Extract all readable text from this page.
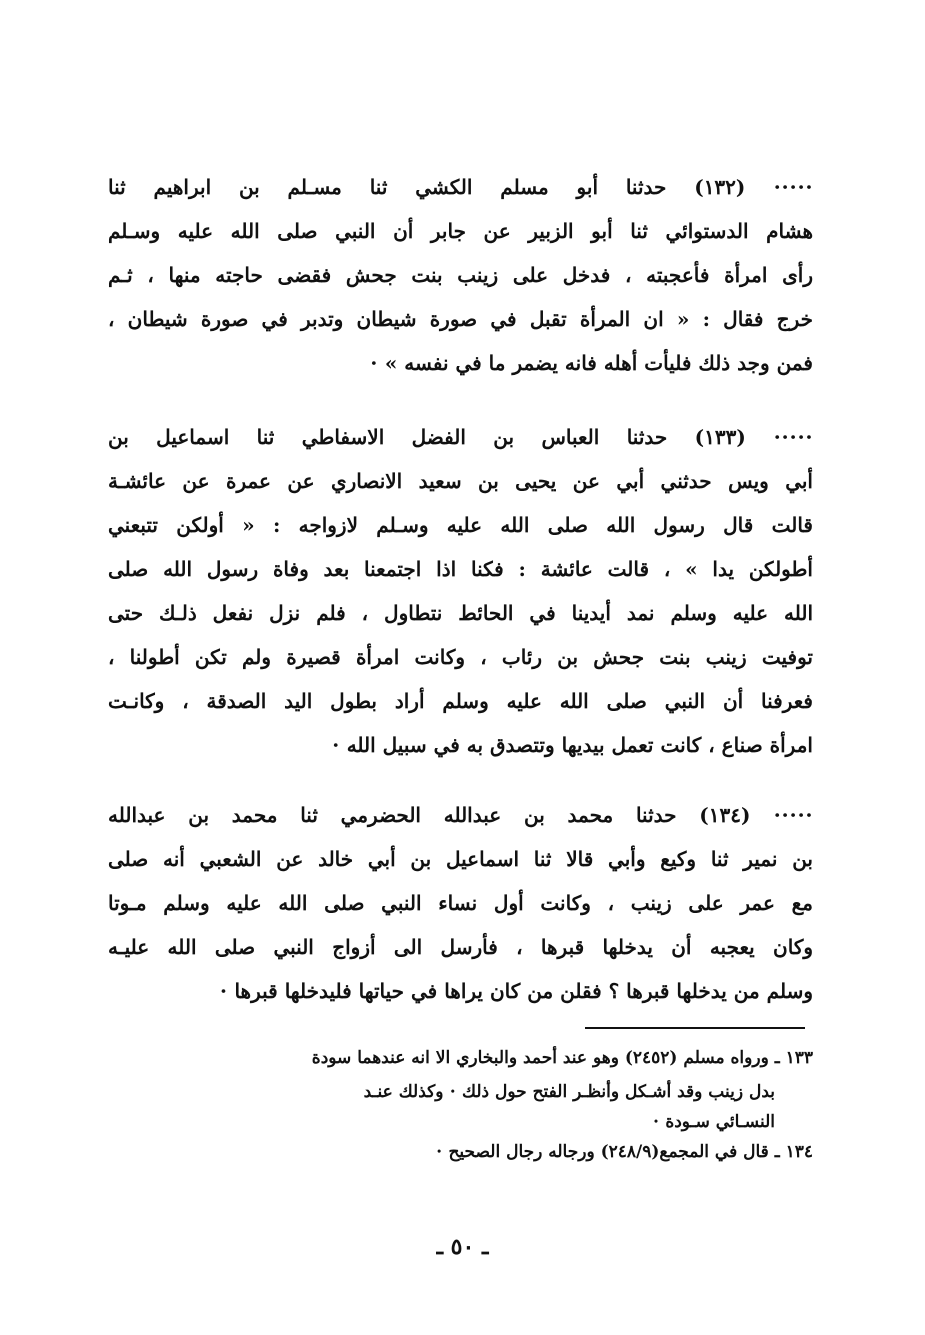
⋅⋅⋅⋅⋅ (١٣٢) حدثنا أبو مسلم الكشي ثنا مسـلم بن ابراهيم ثنا
هشام الدستوائي ثنا أبو الزبير عن جابر أن النبي صلى الله عليه وسـلم
رأى امرأة فأعجبته ، فدخل على زينب بنت جحش فقضى حاجته منها ، ثـم
خرج فقال : « ان المرأة تقبل في صورة شيطان وتدبر في صورة شيطان ،
فمن وجد ذلك فليأت أهله فانه يضمر ما في نفسه » ⋅
⋅⋅⋅⋅⋅ (١٣٣) حدثنا العباس بن الفضل الاسفاطي ثنا اسماعيل بن
أبي ويس حدثني أبي عن يحيى بن سعيد الانصاري عن عمرة عن عائشـة
قالت قال رسول الله صلى الله عليه وسـلم لازواجه : « أولكن تتبعني
أطولكن يدا » ، قالت عائشة : فكنا اذا اجتمعنا بعد وفاة رسول الله صلى
الله عليه وسلم نمد أيدينا في الحائط نتطاول ، فلم نزل نفعل ذلـك حتى
توفيت زينب بنت جحش بن رئاب ، وكانت امرأة قصيرة ولم تكن أطولنا ،
فعرفنا أن النبي صلى الله عليه وسلم أراد بطول اليد الصدقة ، وكانـت
امرأة صناع ، كانت تعمل بيديها وتتصدق به في سبيل الله ⋅
⋅⋅⋅⋅⋅ (١٣٤) حدثنا محمد بن عبدالله الحضرمي ثنا محمد بن عبدالله
بن نمير ثنا وكيع وأبي قالا ثنا اسماعيل بن أبي خالد عن الشعبي أنه صلى
مع عمر على زينب ، وكانت أول نساء النبي صلى الله عليه وسلم مـوتا
وكان يعجبه أن يدخلها قبرها ، فأرسل الى أزواج النبي صلى الله عليـه
وسلم من يدخلها قبرها ؟ فقلن من كان يراها في حياتها فليدخلها قبرها ⋅
١٣٣ ـ ورواه مسلم (٢٤٥٢) وهو عند أحمد والبخاري الا انه عندهما سودة
بدل زينب وقد أشـكل وأنظـر الفتح حول ذلك ⋅ وكذلك عنـد
النسـائي سـودة ⋅
١٣٤ ـ قال في المجمع(٢٤٨/٩) ورجاله رجال الصحيح ⋅
ـ ٥٠ ـ
